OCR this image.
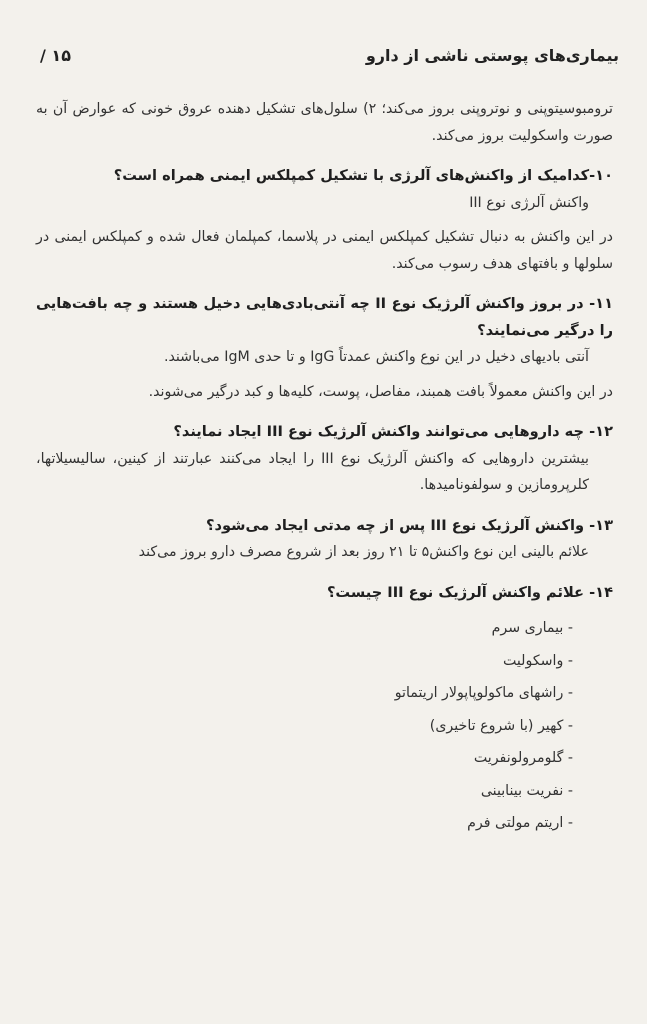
بیماری‌های پوستی ناشی از دارو
۱۵ /

ترومبوسیتوپنی و نوتروپنی بروز می‌کند؛ ۲) سلول‌های تشکیل دهنده عروق خونی که عوارض آن به صورت واسکولیت بروز می‌کند.

۱۰-کدامیک از واکنش‌های آلرژی با تشکیل کمپلکس ایمنی همراه است؟

واکنش آلرژی نوع III

در این واکنش به دنبال تشکیل کمپلکس ایمنی در پلاسما، کمپلمان فعال شده و کمپلکس ایمنی در سلولها و بافتهای هدف رسوب می‌کند.

۱۱- در بروز واکنش آلرژیک نوع II چه آنتی‌بادی‌هایی دخیل هستند و چه بافت‌هایی را درگیر می‌نمایند؟

آنتی بادیهای دخیل در این نوع واکنش عمدتاً IgG و تا حدی IgM می‌باشند.

در این واکنش معمولاً بافت همبند، مفاصل، پوست، کلیه‌ها و کبد درگیر می‌شوند.

۱۲- چه داروهایی می‌توانند واکنش آلرژیک نوع III ایجاد نمایند؟

بیشترین داروهایی که واکنش آلرژیک نوع III را ایجاد می‌کنند عبارتند از کینین، سالیسیلاتها، کلرپرومازین و سولفونامیدها.

۱۳- واکنش آلرژیک نوع III پس از چه مدتی ایجاد می‌شود؟

علائم بالینی این نوع واکنش۵ تا ۲۱ روز بعد از شروع مصرف دارو بروز می‌کند

۱۴- علائم واکنش آلرژیک نوع III چیست؟

- بیماری سرم
- واسکولیت
- راشهای ماکولوپاپولار اریتماتو
- کهیر (با شروع تاخیری)
- گلومرولونفریت
- نفریت بینابینی
- اریتم مولتی فرم
